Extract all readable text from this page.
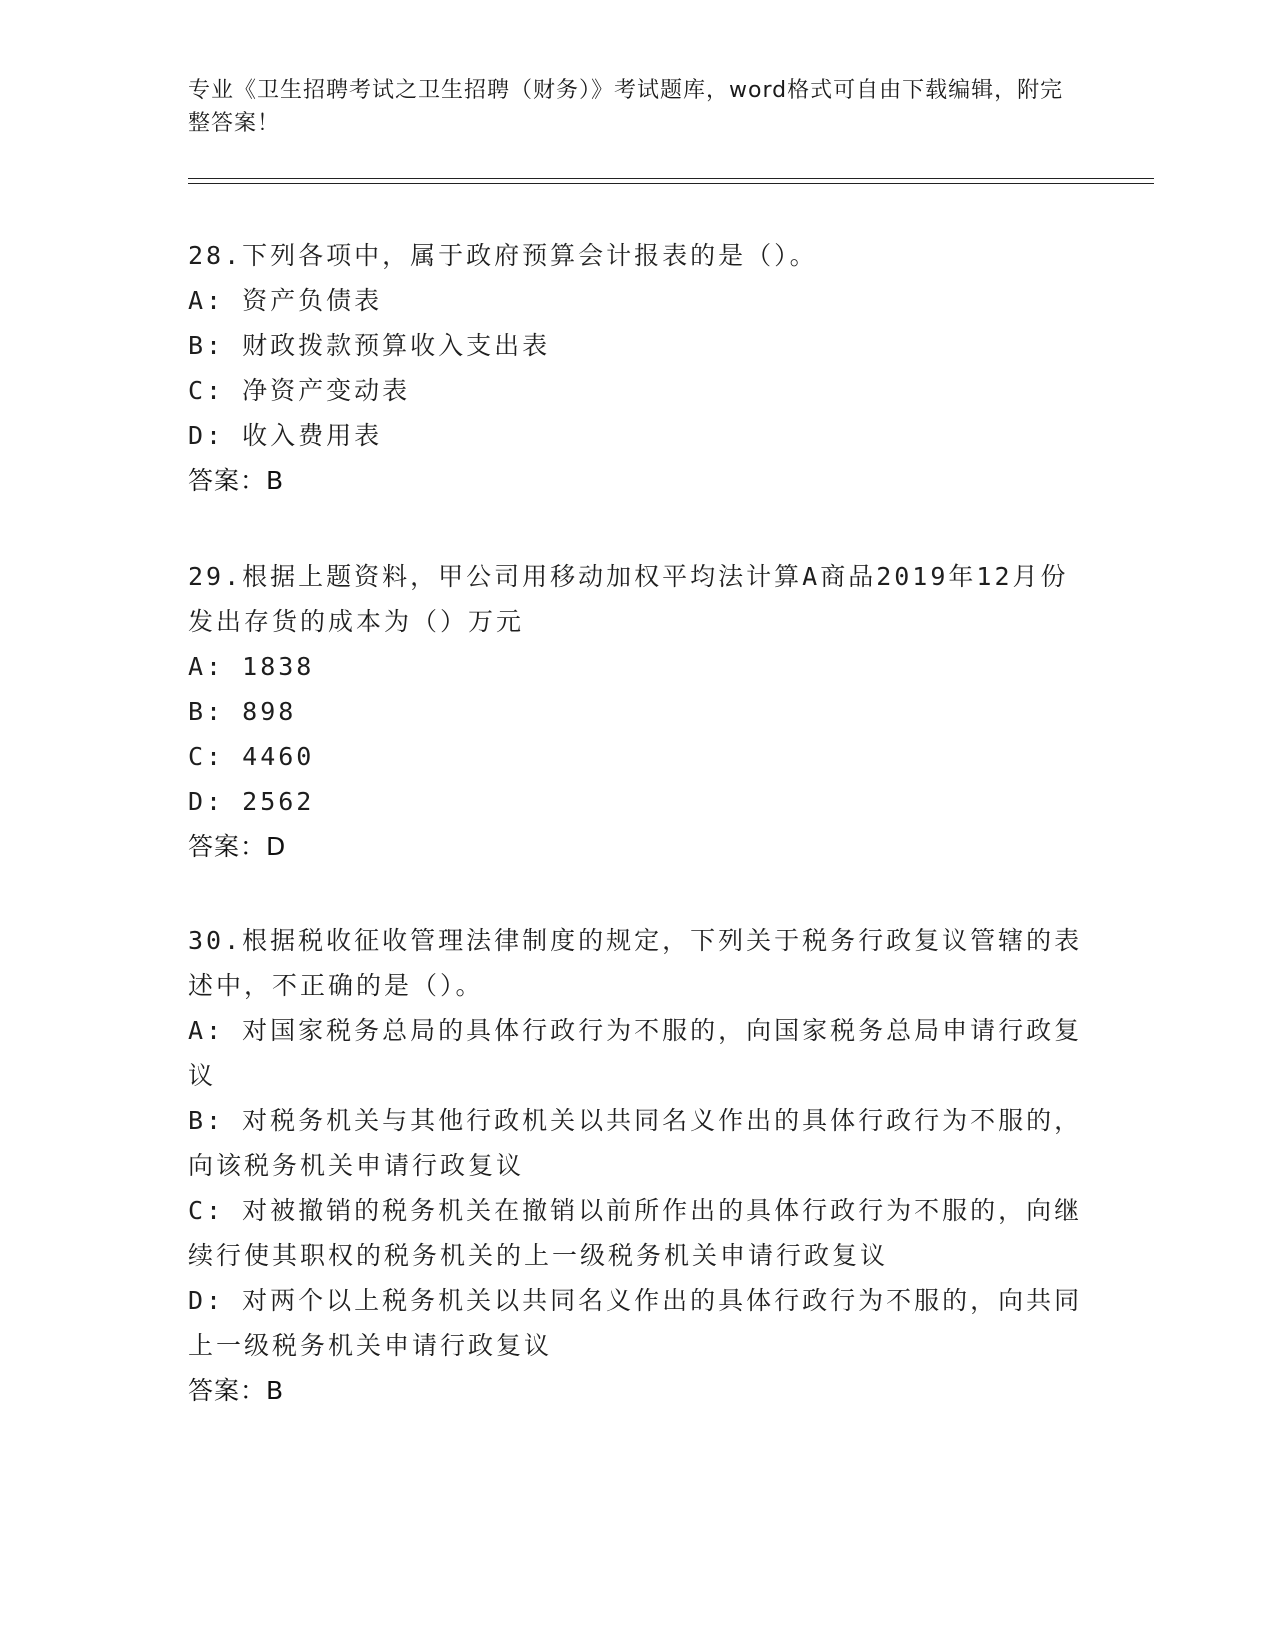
专业《卫生招聘考试之卫生招聘（财务）》考试题库，word格式可自由下载编辑，附完整答案！
28.下列各项中，属于政府预算会计报表的是（）。
A: 资产负债表
B: 财政拨款预算收入支出表
C: 净资产变动表
D: 收入费用表
答案：B
29.根据上题资料，甲公司用移动加权平均法计算A商品2019年12月份发出存货的成本为（）万元
A: 1838
B: 898
C: 4460
D: 2562
答案：D
30.根据税收征收管理法律制度的规定，下列关于税务行政复议管辖的表述中，不正确的是（）。
A: 对国家税务总局的具体行政行为不服的，向国家税务总局申请行政复议
B: 对税务机关与其他行政机关以共同名义作出的具体行政行为不服的，向该税务机关申请行政复议
C: 对被撤销的税务机关在撤销以前所作出的具体行政行为不服的，向继续行使其职权的税务机关的上一级税务机关申请行政复议
D: 对两个以上税务机关以共同名义作出的具体行政行为不服的，向共同上一级税务机关申请行政复议
答案：B
